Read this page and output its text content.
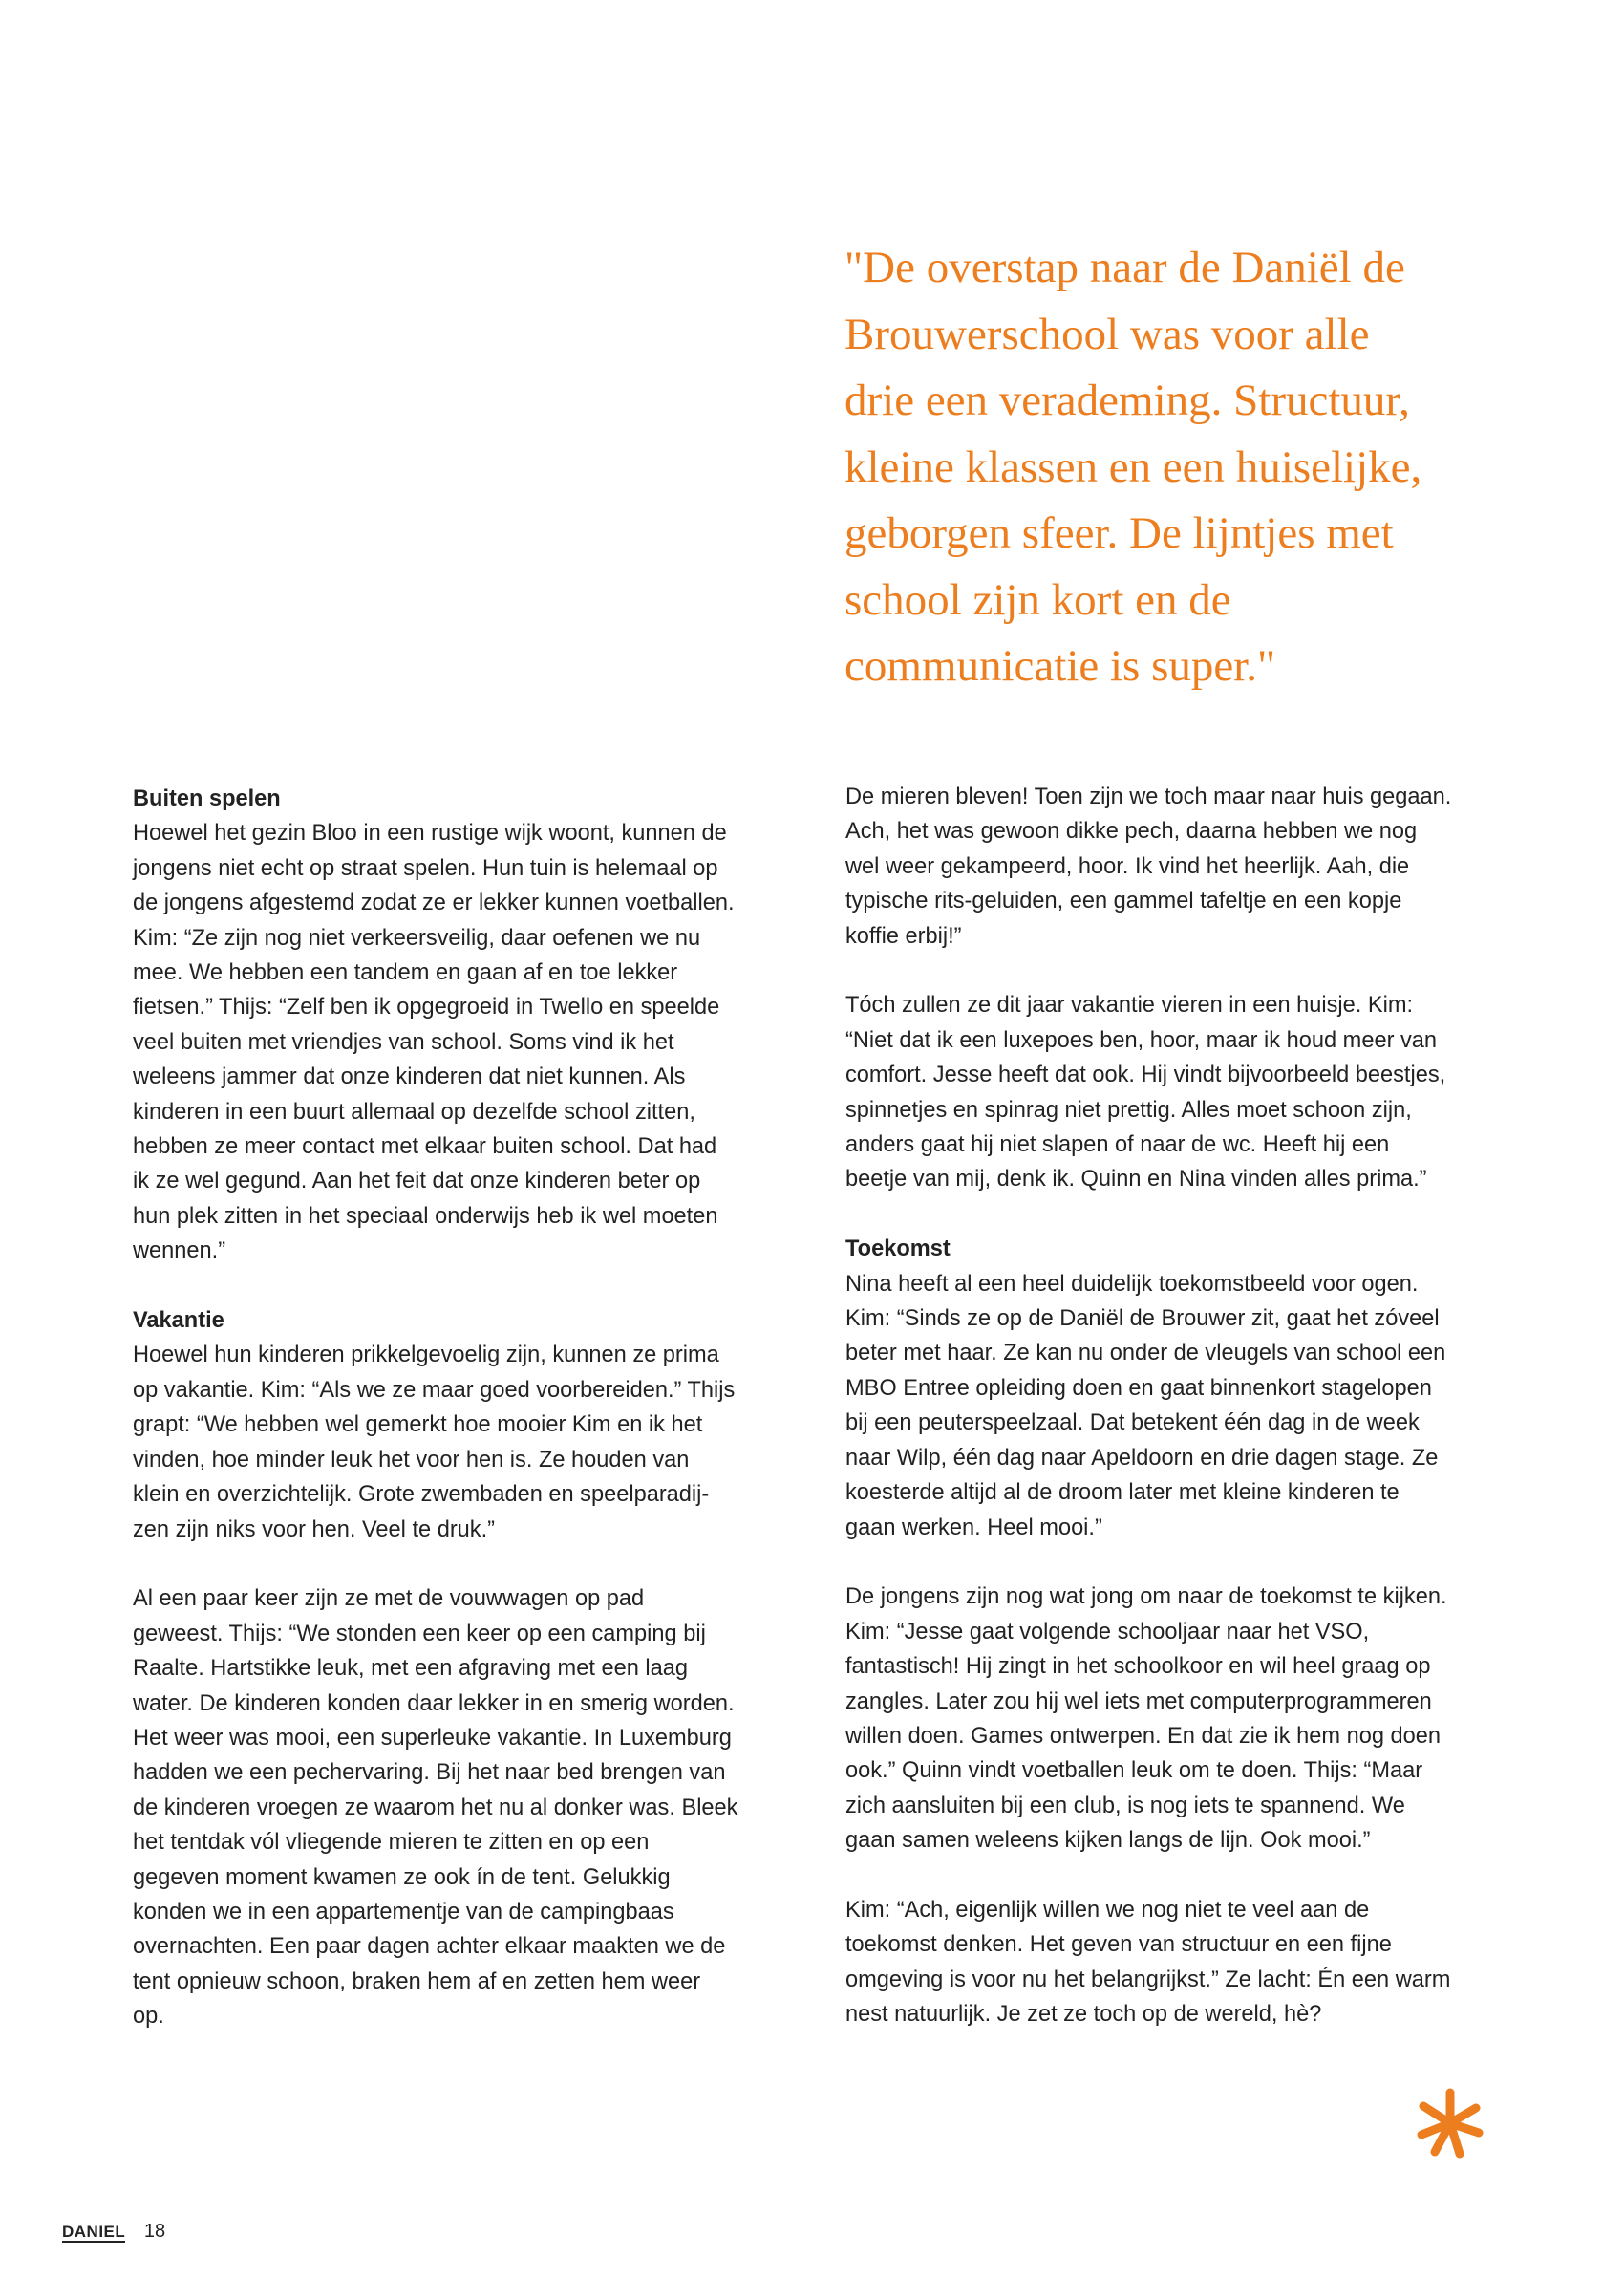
"De overstap naar de Daniël de

Brouwerschool was voor alle

drie een verademing. Structuur,

kleine klassen en een huiselijke,

geborgen sfeer. De lijntjes met

school zijn kort en de

communicatie is super."

Buiten spelen

Hoewel het gezin Bloo in een rustige wijk woont, kunnen de

jongens niet echt op straat spelen. Hun tuin is helemaal op

de jongens afgestemd zodat ze er lekker kunnen voetballen.

Kim: “Ze zijn nog niet verkeersveilig, daar oefenen we nu

mee. We hebben een tandem en gaan af en toe lekker

fietsen.” Thijs: “Zelf ben ik opgegroeid in Twello en speelde

veel buiten met vriendjes van school. Soms vind ik het

weleens jammer dat onze kinderen dat niet kunnen. Als

kinderen in een buurt allemaal op dezelfde school zitten,

hebben ze meer contact met elkaar buiten school. Dat had

ik ze wel gegund. Aan het feit dat onze kinderen beter op

hun plek zitten in het speciaal onderwijs heb ik wel moeten

wennen.”

Vakantie

Hoewel hun kinderen prikkelgevoelig zijn, kunnen ze prima

op vakantie. Kim: “Als we ze maar goed voorbereiden.” Thijs

grapt: “We hebben wel gemerkt hoe mooier Kim en ik het

vinden, hoe minder leuk het voor hen is. Ze houden van

klein en overzichtelijk. Grote zwembaden en speelparadij-

zen zijn niks voor hen. Veel te druk.”

Al een paar keer zijn ze met de vouwwagen op pad

geweest. Thijs: “We stonden een keer op een camping bij

Raalte. Hartstikke leuk, met een afgraving met een laag

water. De kinderen konden daar lekker in en smerig worden.

Het weer was mooi, een superleuke vakantie. In Luxemburg

hadden we een pechervaring. Bij het naar bed brengen van

de kinderen vroegen ze waarom het nu al donker was. Bleek

het tentdak vól vliegende mieren te zitten en op een

gegeven moment kwamen ze ook ín de tent. Gelukkig

konden we in een appartementje van de campingbaas

overnachten. Een paar dagen achter elkaar maakten we de

tent opnieuw schoon, braken hem af en zetten hem weer

op.

De mieren bleven! Toen zijn we toch maar naar huis gegaan.

Ach, het was gewoon dikke pech, daarna hebben we nog

wel weer gekampeerd, hoor. Ik vind het heerlijk. Aah, die

typische rits-geluiden, een gammel tafeltje en een kopje

koffie erbij!”

Tóch zullen ze dit jaar vakantie vieren in een huisje. Kim:

“Niet dat ik een luxepoes ben, hoor, maar ik houd meer van

comfort. Jesse heeft dat ook. Hij vindt bijvoorbeeld beestjes,

spinnetjes en spinrag niet prettig. Alles moet schoon zijn,

anders gaat hij niet slapen of naar de wc. Heeft hij een

beetje van mij, denk ik. Quinn en Nina vinden alles prima.”

Toekomst

Nina heeft al een heel duidelijk toekomstbeeld voor ogen.

Kim: “Sinds ze op de Daniël de Brouwer zit, gaat het zóveel

beter met haar. Ze kan nu onder de vleugels van school een

MBO Entree opleiding doen en gaat binnenkort stagelopen

bij een peuterspeelzaal. Dat betekent één dag in de week

naar Wilp, één dag naar Apeldoorn en drie dagen stage. Ze

koesterde altijd al de droom later met kleine kinderen te

gaan werken. Heel mooi.”

De jongens zijn nog wat jong om naar de toekomst te kijken.

Kim: “Jesse gaat volgende schooljaar naar het VSO,

fantastisch! Hij zingt in het schoolkoor en wil heel graag op

zangles. Later zou hij wel iets met computerprogrammeren

willen doen. Games ontwerpen. En dat zie ik hem nog doen

ook.” Quinn vindt voetballen leuk om te doen. Thijs: “Maar

zich aansluiten bij een club, is nog iets te spannend. We

gaan samen weleens kijken langs de lijn. Ook mooi.”

Kim: “Ach, eigenlijk willen we nog niet te veel aan de

toekomst denken. Het geven van structuur en een fijne

omgeving is voor nu het belangrijkst.” Ze lacht: Én een warm

nest natuurlijk. Je zet ze toch op de wereld, hè?

DANIEL 18
